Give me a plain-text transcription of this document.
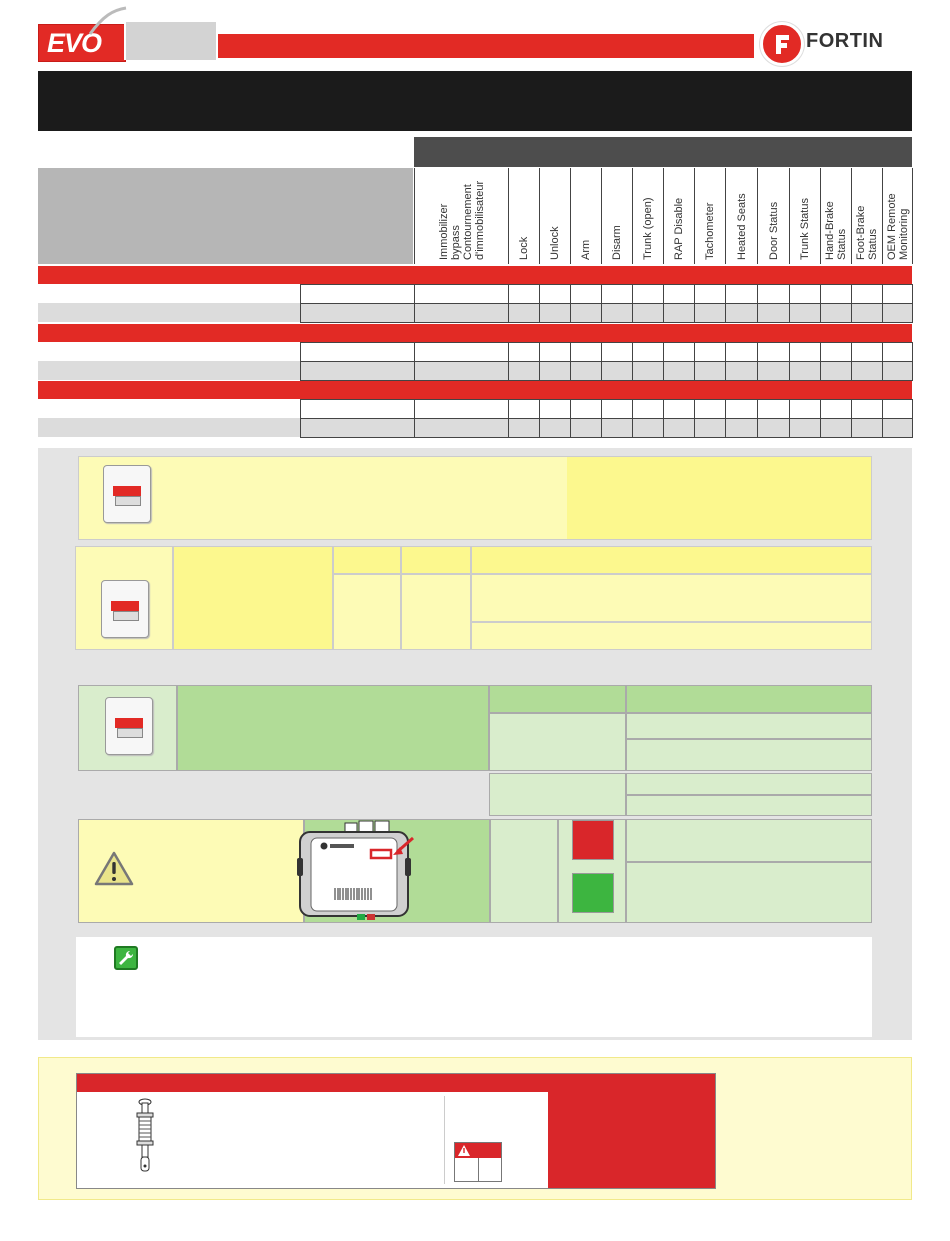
EVO	FORTIN
Immobilizer
bypass
Contournement
d'immobilisateur	Lock Unlock Arm Disarm Trunk (open) RAP Disable Tachometer Heated Seats Door Status Trunk Status Hand-Brake
Status Foot-Brake
Status OEM Remote
Monitoring
